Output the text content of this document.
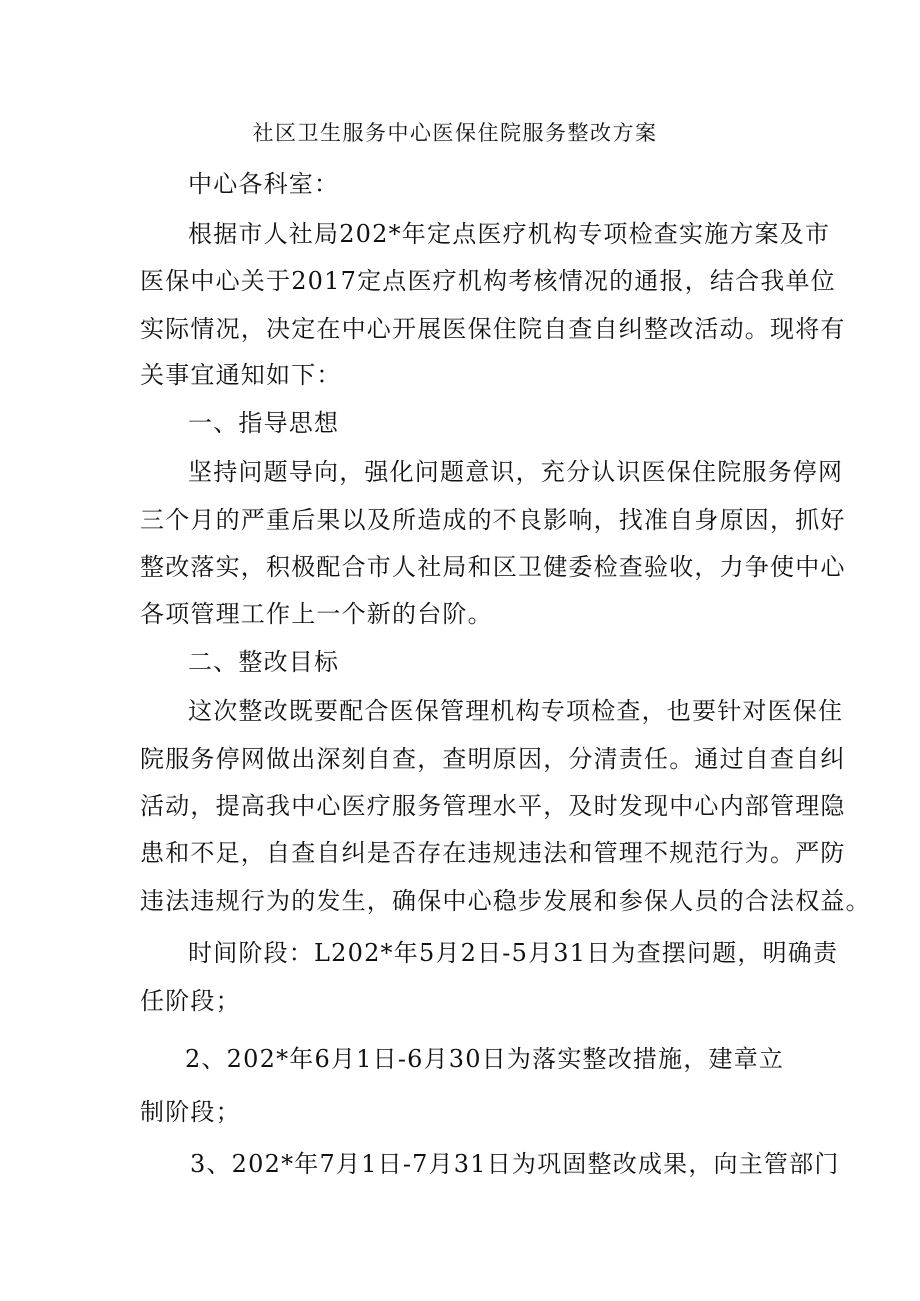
社区卫生服务中心医保住院服务整改方案
中心各科室：
根据市人社局202*年定点医疗机构专项检查实施方案及市
医保中心关于2017定点医疗机构考核情况的通报，结合我单位
实际情况，决定在中心开展医保住院自查自纠整改活动。现将有
关事宜通知如下：
一、指导思想
坚持问题导向，强化问题意识，充分认识医保住院服务停网
三个月的严重后果以及所造成的不良影响，找准自身原因，抓好
整改落实，积极配合市人社局和区卫健委检查验收，力争使中心
各项管理工作上一个新的台阶。
二、整改目标
这次整改既要配合医保管理机构专项检查，也要针对医保住
院服务停网做出深刻自查，查明原因，分清责任。通过自查自纠
活动，提高我中心医疗服务管理水平，及时发现中心内部管理隐
患和不足，自查自纠是否存在违规违法和管理不规范行为。严防
违法违规行为的发生，确保中心稳步发展和参保人员的合法权益。
时间阶段：L202*年5月2日-5月31日为查摆问题，明确责
任阶段；
2、202*年6月1日-6月30日为落实整改措施，建章立
制阶段；
3、202*年7月1日-7月31日为巩固整改成果，向主管部门
